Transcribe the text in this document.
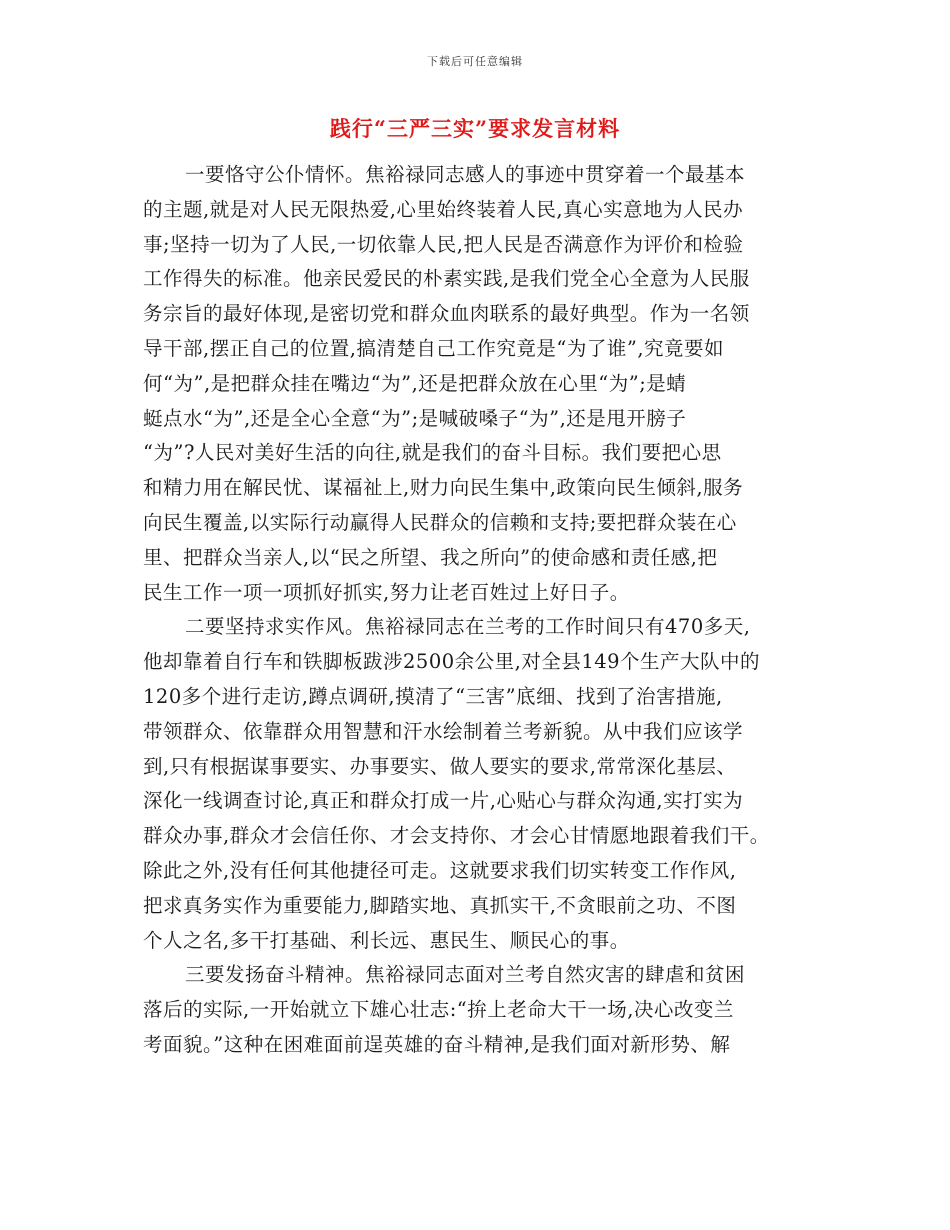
下载后可任意编辑
践行“三严三实”要求发言材料
一要恪守公仆情怀。焦裕禄同志感人的事迹中贯穿着一个最基本
的主题,就是对人民无限热爱,心里始终装着人民,真心实意地为人民办
事;坚持一切为了人民,一切依靠人民,把人民是否满意作为评价和检验
工作得失的标准。他亲民爱民的朴素实践,是我们党全心全意为人民服
务宗旨的最好体现,是密切党和群众血肉联系的最好典型。作为一名领
导干部,摆正自己的位置,搞清楚自己工作究竟是“为了谁”,究竟要如
何“为”,是把群众挂在嘴边“为”,还是把群众放在心里“为”;是蜻
蜓点水“为”,还是全心全意“为”;是喊破嗓子“为”,还是甩开膀子
“为”?人民对美好生活的向往,就是我们的奋斗目标。我们要把心思
和精力用在解民忧、谋福祉上,财力向民生集中,政策向民生倾斜,服务
向民生覆盖,以实际行动赢得人民群众的信赖和支持;要把群众装在心
里、把群众当亲人,以“民之所望、我之所向”的使命感和责任感,把
民生工作一项一项抓好抓实,努力让老百姓过上好日子。
二要坚持求实作风。焦裕禄同志在兰考的工作时间只有470多天,
他却靠着自行车和铁脚板跋涉2500余公里,对全县149个生产大队中的
120多个进行走访,蹲点调研,摸清了“三害”底细、找到了治害措施,
带领群众、依靠群众用智慧和汗水绘制着兰考新貌。从中我们应该学
到,只有根据谋事要实、办事要实、做人要实的要求,常常深化基层、
深化一线调查讨论,真正和群众打成一片,心贴心与群众沟通,实打实为
群众办事,群众才会信任你、才会支持你、才会心甘情愿地跟着我们干。
除此之外,没有任何其他捷径可走。这就要求我们切实转变工作作风,
把求真务实作为重要能力,脚踏实地、真抓实干,不贪眼前之功、不图
个人之名,多干打基础、利长远、惠民生、顺民心的事。
三要发扬奋斗精神。焦裕禄同志面对兰考自然灾害的肆虐和贫困
落后的实际,一开始就立下雄心壮志:“拚上老命大干一场,决心改变兰
考面貌。”这种在困难面前逞英雄的奋斗精神,是我们面对新形势、解
